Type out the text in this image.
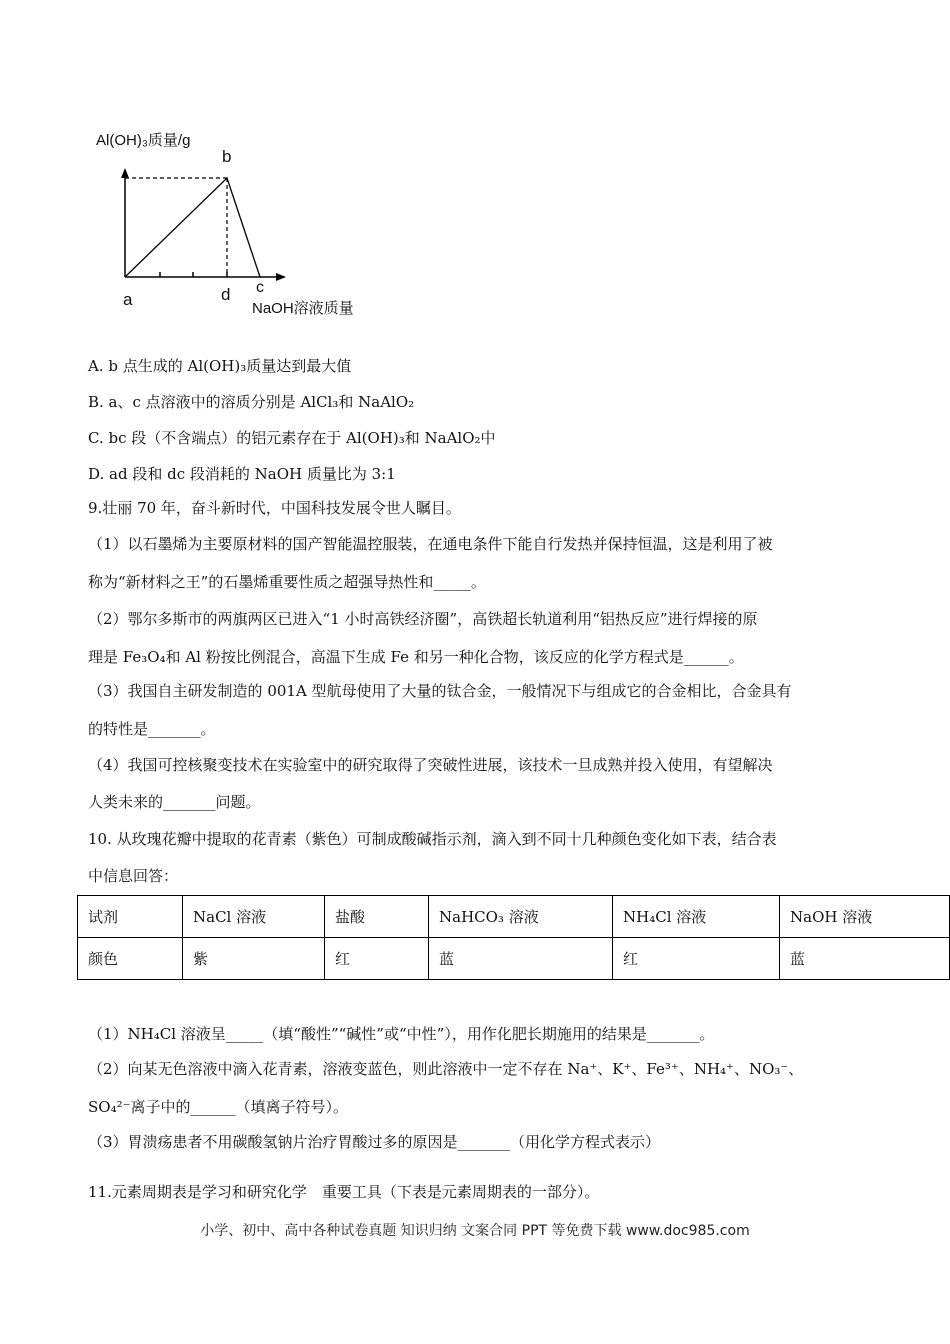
Al(OH)₃质量/g
b
a	d c
NaOH溶液质量
A. b 点生成的 Al(OH)₃质量达到最大值
B. a、c 点溶液中的溶质分别是 AlCl₃和 NaAlO₂
C. bc 段（不含端点）的铝元素存在于 Al(OH)₃和 NaAlO₂中
D. ad 段和 dc 段消耗的 NaOH 质量比为 3:1
9.壮丽 70 年，奋斗新时代，中国科技发展令世人瞩目。
（1）以石墨烯为主要原材料的国产智能温控服装，在通电条件下能自行发热并保持恒温，这是利用了被
称为“新材料之王”的石墨烯重要性质之超强导热性和_____。
（2）鄂尔多斯市的两旗两区已进入“1 小时高铁经济圈”，高铁超长轨道利用“铝热反应”进行焊接的原
理是 Fe₃O₄和 Al 粉按比例混合，高温下生成 Fe 和另一种化合物，该反应的化学方程式是______。
（3）我国自主研发制造的 001A 型航母使用了大量的钛合金，一般情况下与组成它的合金相比，合金具有
的特性是_______。
（4）我国可控核聚变技术在实验室中的研究取得了突破性进展，该技术一旦成熟并投入使用，有望解决
人类未来的_______问题。
10. 从玫瑰花瓣中提取的花青素（紫色）可制成酸碱指示剂，滴入到不同十几种颜色变化如下表，结合表
中信息回答：
试剂	NaCl 溶液	盐酸	NaHCO₃ 溶液	NH₄Cl 溶液	NaOH 溶液
颜色	紫	红	蓝	红	蓝
（1）NH₄Cl 溶液呈_____（填“酸性”“碱性”或“中性”），用作化肥长期施用的结果是_______。
（2）向某无色溶液中滴入花青素，溶液变蓝色，则此溶液中一定不存在 Na⁺、K⁺、Fe³⁺、NH₄⁺、NO₃⁻、
SO₄²⁻离子中的______（填离子符号）。
（3）胃溃疡患者不用碳酸氢钠片治疗胃酸过多的原因是_______（用化学方程式表示）
11.元素周期表是学习和研究化学　重要工具（下表是元素周期表的一部分）。
小学、初中、高中各种试卷真题 知识归纳 文案合同 PPT 等免费下载 www.doc985.com
